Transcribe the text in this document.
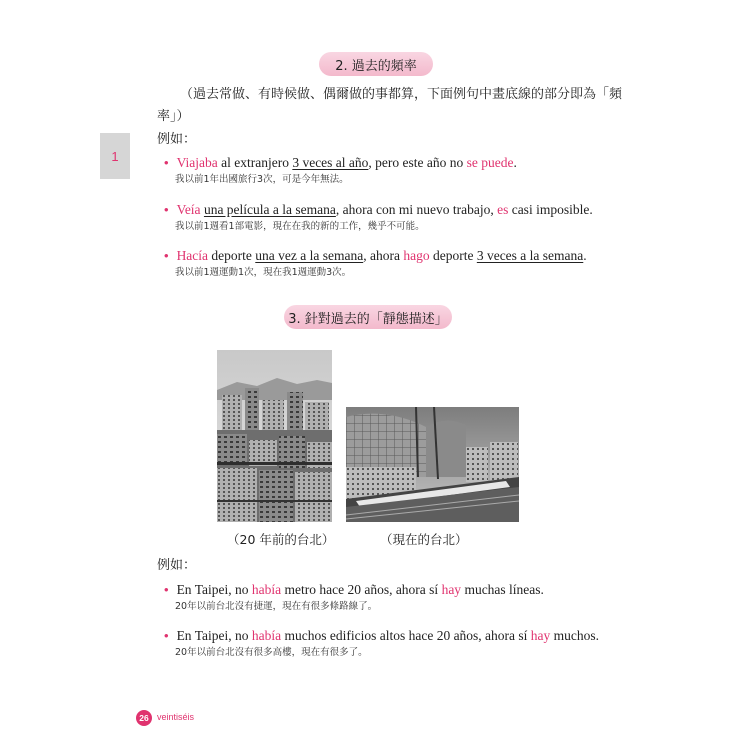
1
2. 過去的頻率
（過去常做、有時候做、偶爾做的事都算，下面例句中畫底線的部分即為「頻
率」）
例如：
• Viajaba al extranjero 3 veces al año, pero este año no se puede.
我以前1年出國旅行3次，可是今年無法。
• Veía una película a la semana, ahora con mi nuevo trabajo, es casi imposible.
我以前1週看1部電影，現在在我的新的工作，幾乎不可能。
• Hacía deporte una vez a la semana, ahora hago deporte 3 veces a la semana.
我以前1週運動1次，現在我1週運動3次。
3. 針對過去的「靜態描述」
（20 年前的台北）	（現在的台北）
例如：
• En Taipei, no había metro hace 20 años, ahora sí hay muchas líneas.
20年以前台北沒有捷運，現在有很多條路線了。
• En Taipei, no había muchos edificios altos hace 20 años, ahora sí hay muchos.
20年以前台北沒有很多高樓，現在有很多了。
26 veintiséis
